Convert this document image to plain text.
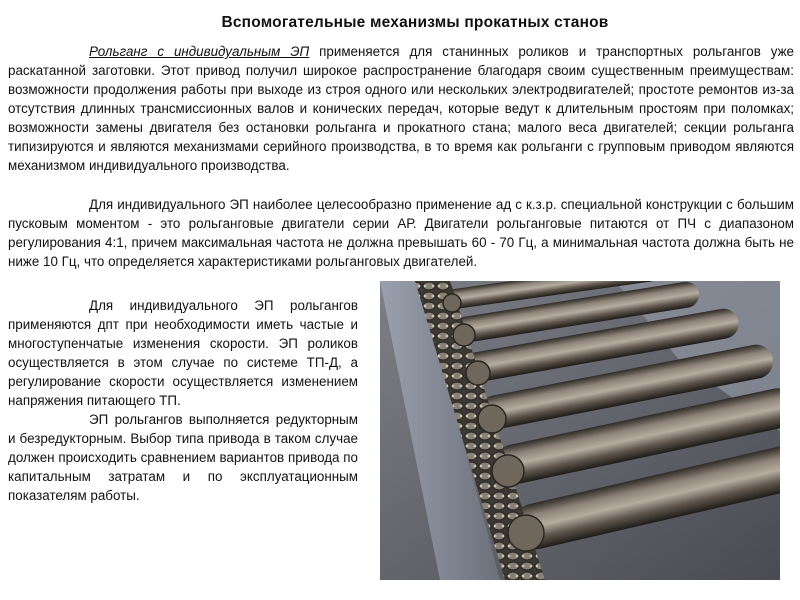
Вспомогательные механизмы прокатных станов

Рольганг с индивидуальным ЭП применяется для станинных роликов и транспортных рольгангов уже раскатанной заготовки. Этот привод получил широкое распространение благодаря своим существенным преимуществам: возможности продолжения работы при выходе из строя одного или нескольких электродвигателей; простоте ремонтов из-за отсутствия длинных трансмиссионных валов и конических передач, которые ведут к длительным простоям при поломках; возможности замены двигателя без остановки рольганга и прокатного стана; малого веса двигателей; секции рольганга типизируются и являются механизмами серийного производства, в то время как рольганги с групповым приводом являются механизмом индивидуального производства.

Для индивидуального ЭП наиболее целесообразно применение ад с к.з.р. специальной конструкции с большим пусковым моментом - это рольганговые двигатели серии АР. Двигатели рольганговые питаются от ПЧ с диапазоном регулирования 4:1, причем максимальная частота не должна превышать 60 - 70 Гц, а минимальная частота должна быть не ниже 10 Гц, что определяется характеристиками рольганговых двигателей.

Для индивидуального ЭП рольгангов применяются дпт при необходимости иметь частые и многоступенчатые изменения скорости. ЭП роликов осуществляется в этом случае по системе ТП-Д, а регулирование скорости осуществляется изменением напряжения питающего ТП.

ЭП рольгангов выполняется редукторным и безредукторным. Выбор типа привода в таком случае должен происходить сравнением вариантов привода по капитальным затратам и по эксплуатационным показателям работы.
